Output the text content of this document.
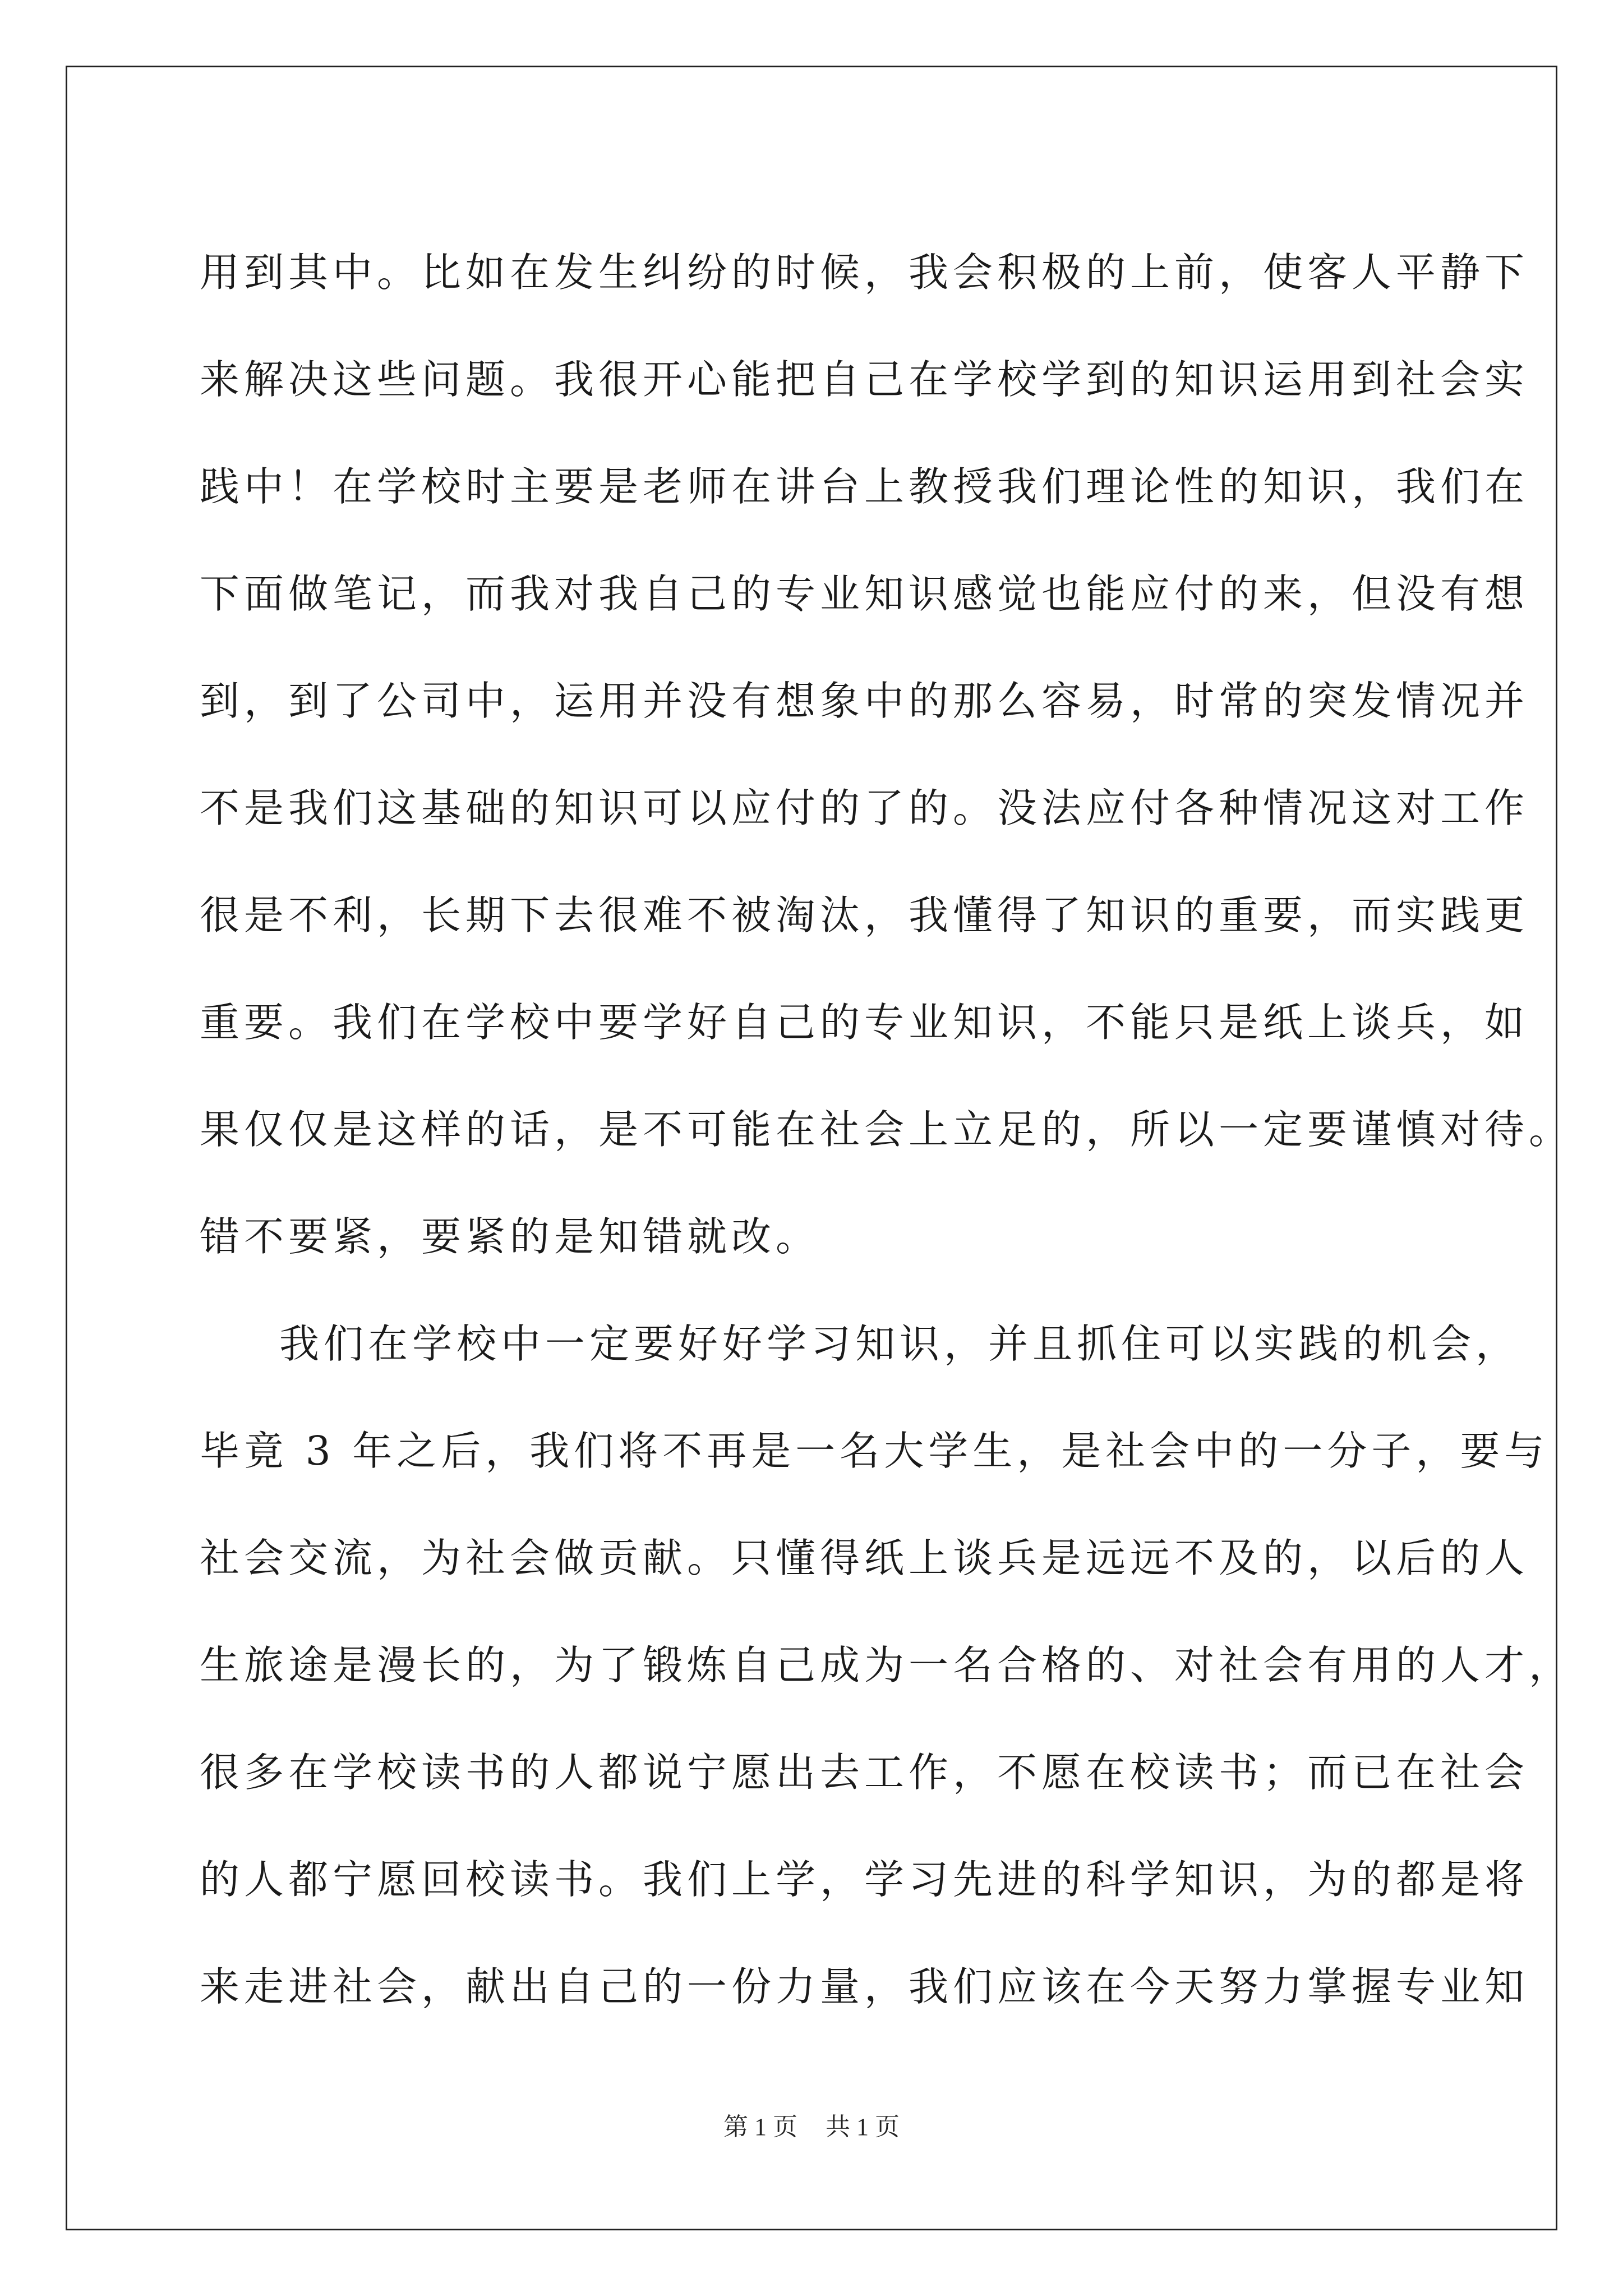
用到其中。比如在发生纠纷的时候，我会积极的上前，使客人平静下
来解决这些问题。我很开心能把自己在学校学到的知识运用到社会实
践中！在学校时主要是老师在讲台上教授我们理论性的知识，我们在
下面做笔记，而我对我自己的专业知识感觉也能应付的来，但没有想
到，到了公司中，运用并没有想象中的那么容易，时常的突发情况并
不是我们这基础的知识可以应付的了的。没法应付各种情况这对工作
很是不利，长期下去很难不被淘汰，我懂得了知识的重要，而实践更
重要。我们在学校中要学好自己的专业知识，不能只是纸上谈兵，如
果仅仅是这样的话，是不可能在社会上立足的，所以一定要谨慎对待。
错不要紧，要紧的是知错就改。
我们在学校中一定要好好学习知识，并且抓住可以实践的机会，
毕竟 3 年之后，我们将不再是一名大学生，是社会中的一分子，要与
社会交流，为社会做贡献。只懂得纸上谈兵是远远不及的，以后的人
生旅途是漫长的，为了锻炼自己成为一名合格的、对社会有用的人才，
很多在学校读书的人都说宁愿出去工作，不愿在校读书；而已在社会
的人都宁愿回校读书。我们上学，学习先进的科学知识，为的都是将
来走进社会，献出自己的一份力量，我们应该在今天努力掌握专业知
第 1 页 共 1 页
